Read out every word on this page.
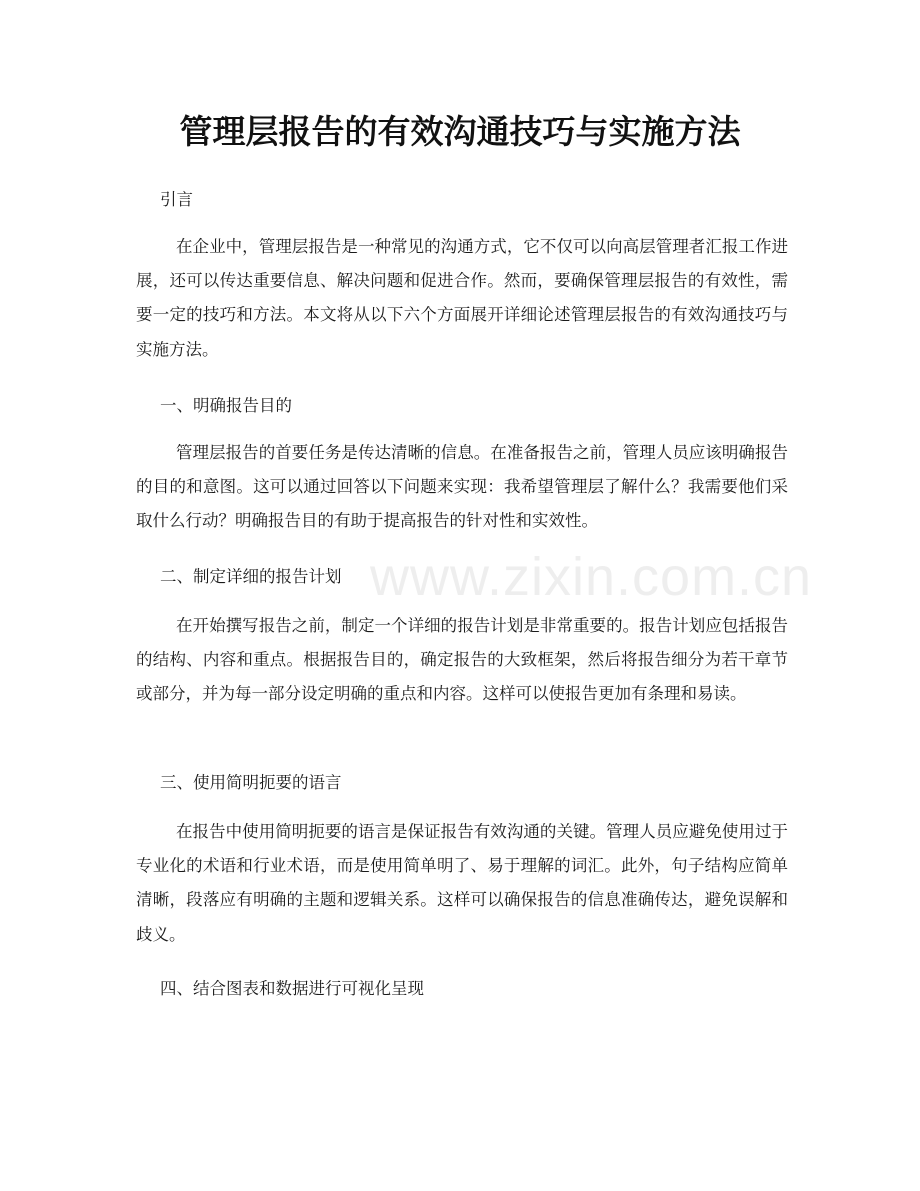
管理层报告的有效沟通技巧与实施方法

引言

在企业中，管理层报告是一种常见的沟通方式，它不仅可以向高层管理者汇报工作进展，还可以传达重要信息、解决问题和促进合作。然而，要确保管理层报告的有效性，需要一定的技巧和方法。本文将从以下六个方面展开详细论述管理层报告的有效沟通技巧与实施方法。

一、明确报告目的

管理层报告的首要任务是传达清晰的信息。在准备报告之前，管理人员应该明确报告的目的和意图。这可以通过回答以下问题来实现：我希望管理层了解什么？我需要他们采取什么行动？明确报告目的有助于提高报告的针对性和实效性。

二、制定详细的报告计划

在开始撰写报告之前，制定一个详细的报告计划是非常重要的。报告计划应包括报告的结构、内容和重点。根据报告目的，确定报告的大致框架，然后将报告细分为若干章节或部分，并为每一部分设定明确的重点和内容。这样可以使报告更加有条理和易读。

三、使用简明扼要的语言

在报告中使用简明扼要的语言是保证报告有效沟通的关键。管理人员应避免使用过于专业化的术语和行业术语，而是使用简单明了、易于理解的词汇。此外，句子结构应简单清晰，段落应有明确的主题和逻辑关系。这样可以确保报告的信息准确传达，避免误解和歧义。

四、结合图表和数据进行可视化呈现

www.zixin.com.cn
